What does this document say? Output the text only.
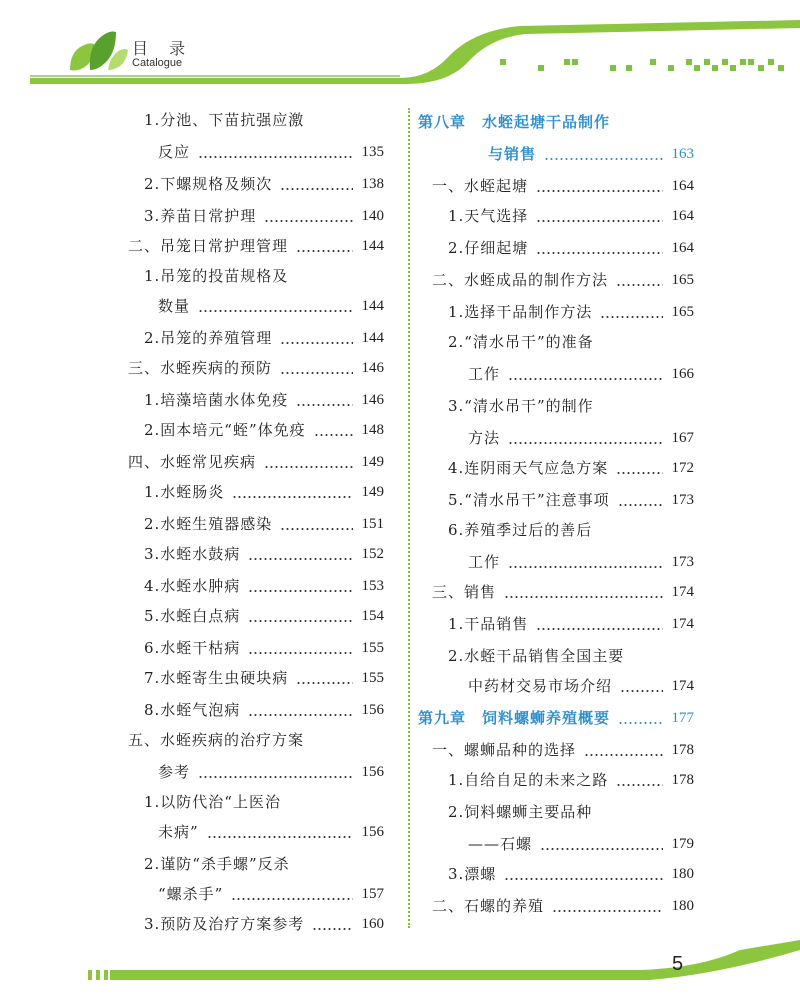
目 录
Catalogue
1.分池、下苗抗强应激
反应	135
2.下螺规格及频次	138
3.养苗日常护理	140
二、吊笼日常护理管理	144
1.吊笼的投苗规格及
数量	144
2.吊笼的养殖管理	144
三、水蛭疾病的预防	146
1.培藻培菌水体免疫	146
2.固本培元“蛭”体免疫	148
四、水蛭常见疾病	149
1.水蛭肠炎	149
2.水蛭生殖器感染	151
3.水蛭水鼓病	152
4.水蛭水肿病	153
5.水蛭白点病	154
6.水蛭干枯病	155
7.水蛭寄生虫硬块病	155
8.水蛭气泡病	156
五、水蛭疾病的治疗方案
参考	156
1.以防代治“上医治
未病”	156
2.谨防“杀手螺”反杀
“螺杀手”	157
3.预防及治疗方案参考	160
第八章　水蛭起塘干品制作
与销售	163
一、水蛭起塘	164
1.天气选择	164
2.仔细起塘	164
二、水蛭成品的制作方法	165
1.选择干品制作方法	165
2.“清水吊干”的准备
工作	166
3.“清水吊干”的制作
方法	167
4.连阴雨天气应急方案	172
5.“清水吊干”注意事项	173
6.养殖季过后的善后
工作	173
三、销售	174
1.干品销售	174
2.水蛭干品销售全国主要
中药材交易市场介绍	174
第九章　饲料螺蛳养殖概要	177
一、螺蛳品种的选择	178
1.自给自足的未来之路	178
2.饲料螺蛳主要品种
——石螺	179
3.漂螺	180
二、石螺的养殖	180
5
